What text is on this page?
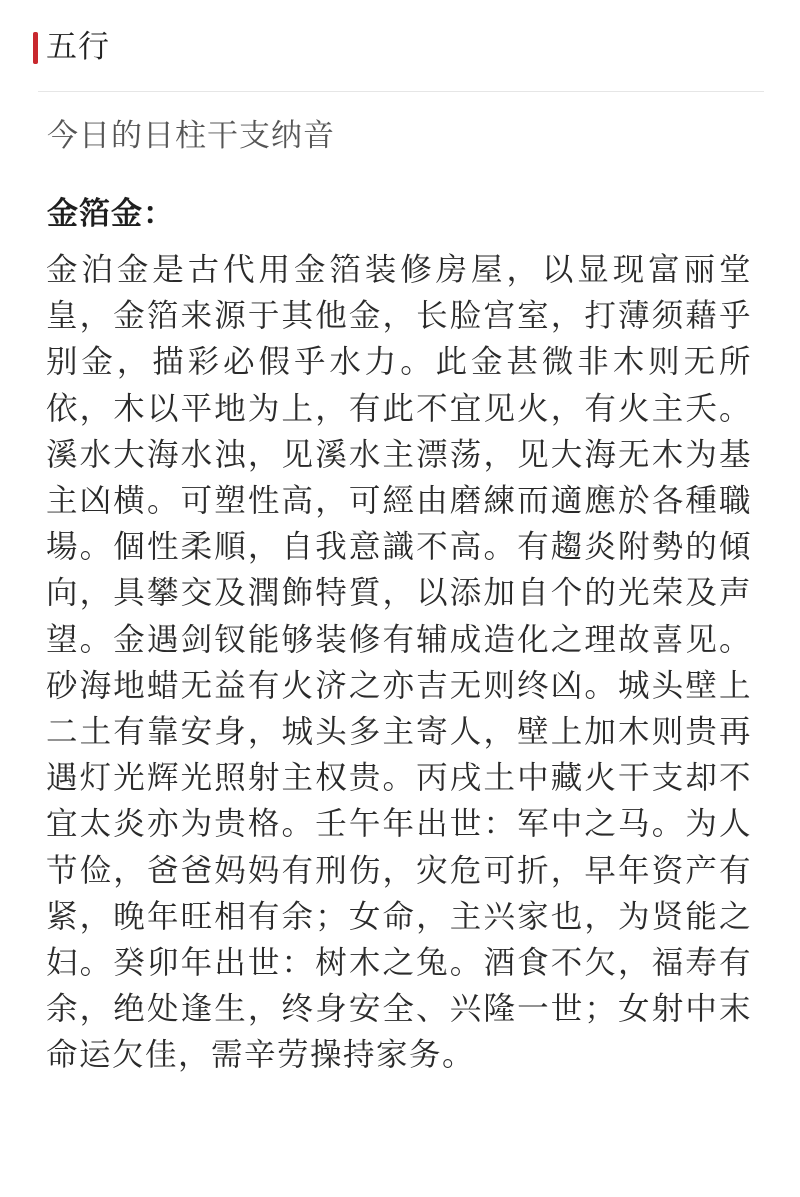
五行
今日的日柱干支纳音
金箔金：
金泊金是古代用金箔装修房屋，以显现富丽堂皇，金箔来源于其他金，长脸宫室，打薄须藉乎别金，描彩必假乎水力。此金甚微非木则无所依，木以平地为上，有此不宜见火，有火主夭。溪水大海水浊，见溪水主漂荡，见大海无木为基主凶横。可塑性高，可經由磨練而適應於各種職場。個性柔順，自我意識不高。有趨炎附勢的傾向，具攀交及潤飾特質，以添加自个的光荣及声望。金遇剑钗能够装修有辅成造化之理故喜见。砂海地蜡无益有火济之亦吉无则终凶。城头壁上二土有靠安身，城头多主寄人，壁上加木则贵再遇灯光辉光照射主权贵。丙戌土中藏火干支却不宜太炎亦为贵格。壬午年出世：军中之马。为人节俭，爸爸妈妈有刑伤，灾危可折，早年资产有紧，晚年旺相有余；女命，主兴家也，为贤能之妇。癸卯年出世：树木之兔。酒食不欠，福寿有余，绝处逢生，终身安全、兴隆一世；女射中末命运欠佳，需辛劳操持家务。
